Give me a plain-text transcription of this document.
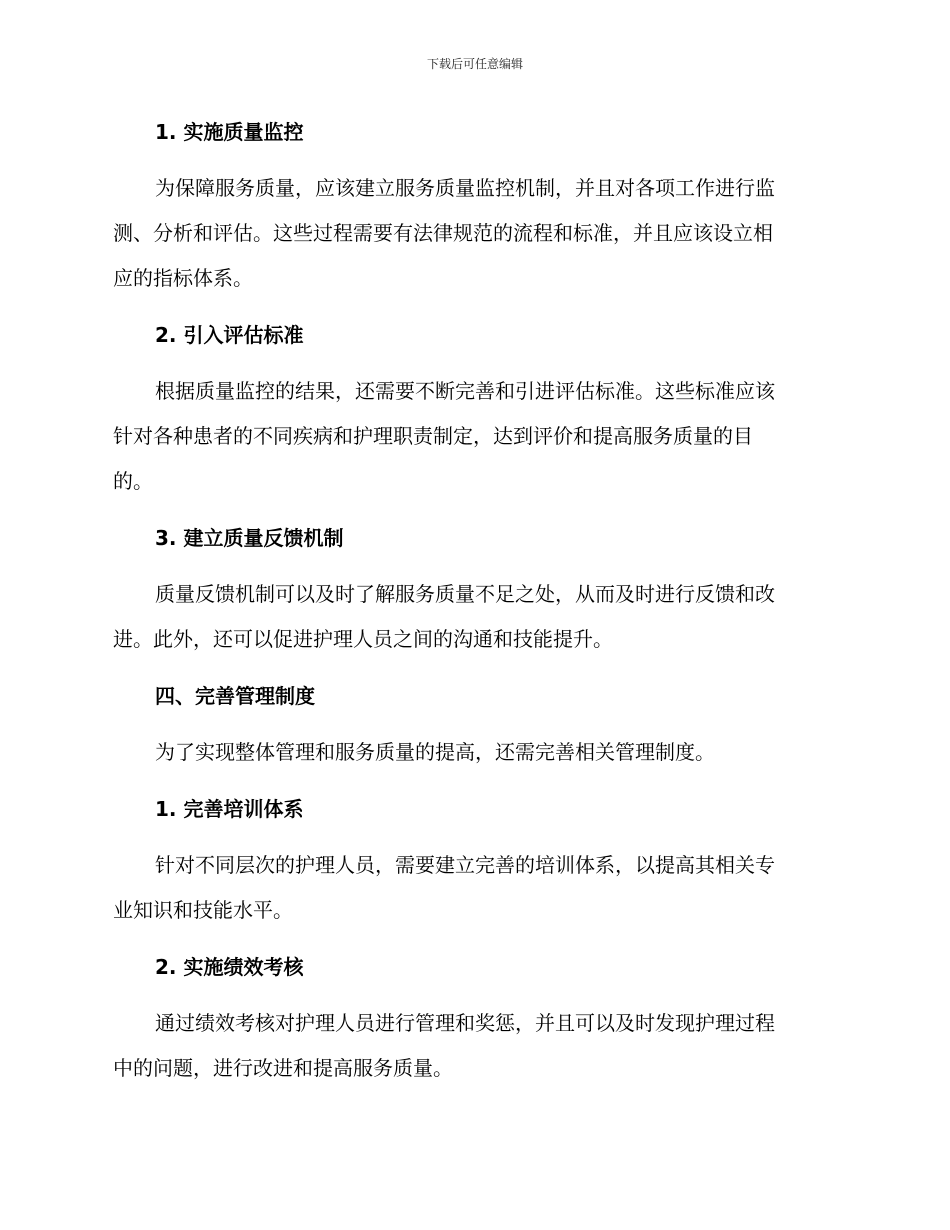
下载后可任意编辑
1. 实施质量监控

为保障服务质量，应该建立服务质量监控机制，并且对各项工作进行监
测、分析和评估。这些过程需要有法律规范的流程和标准，并且应该设立相
应的指标体系。

2. 引入评估标准

根据质量监控的结果，还需要不断完善和引进评估标准。这些标准应该
针对各种患者的不同疾病和护理职责制定，达到评价和提高服务质量的目
的。

3. 建立质量反馈机制

质量反馈机制可以及时了解服务质量不足之处，从而及时进行反馈和改
进。此外，还可以促进护理人员之间的沟通和技能提升。

四、完善管理制度

为了实现整体管理和服务质量的提高，还需完善相关管理制度。

1. 完善培训体系

针对不同层次的护理人员，需要建立完善的培训体系，以提高其相关专
业知识和技能水平。

2. 实施绩效考核

通过绩效考核对护理人员进行管理和奖惩，并且可以及时发现护理过程
中的问题，进行改进和提高服务质量。
